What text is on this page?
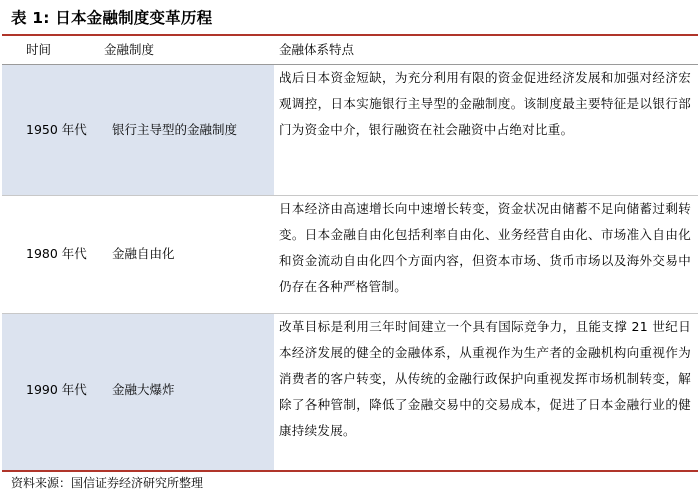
表 1: 日本金融制度变革历程
时间	金融制度	金融体系特点
1950 年代 银行主导型的金融制度
战后日本资金短缺，为充分利用有限的资金促进经济发展和加强对经济宏观调控，日本实施银行主导型的金融制度。该制度最主要特征是以银行部门为资金中介，银行融资在社会融资中占绝对比重。
1980 年代 金融自由化
日本经济由高速增长向中速增长转变，资金状况由储蓄不足向储蓄过剩转变。日本金融自由化包括利率自由化、业务经营自由化、市场准入自由化和资金流动自由化四个方面内容，但资本市场、货币市场以及海外交易中仍存在各种严格管制。
1990 年代 金融大爆炸
改革目标是利用三年时间建立一个具有国际竞争力，且能支撑 21 世纪日本经济发展的健全的金融体系，从重视作为生产者的金融机构向重视作为消费者的客户转变，从传统的金融行政保护向重视发挥市场机制转变，解除了各种管制，降低了金融交易中的交易成本，促进了日本金融行业的健康持续发展。
资料来源：国信证券经济研究所整理
